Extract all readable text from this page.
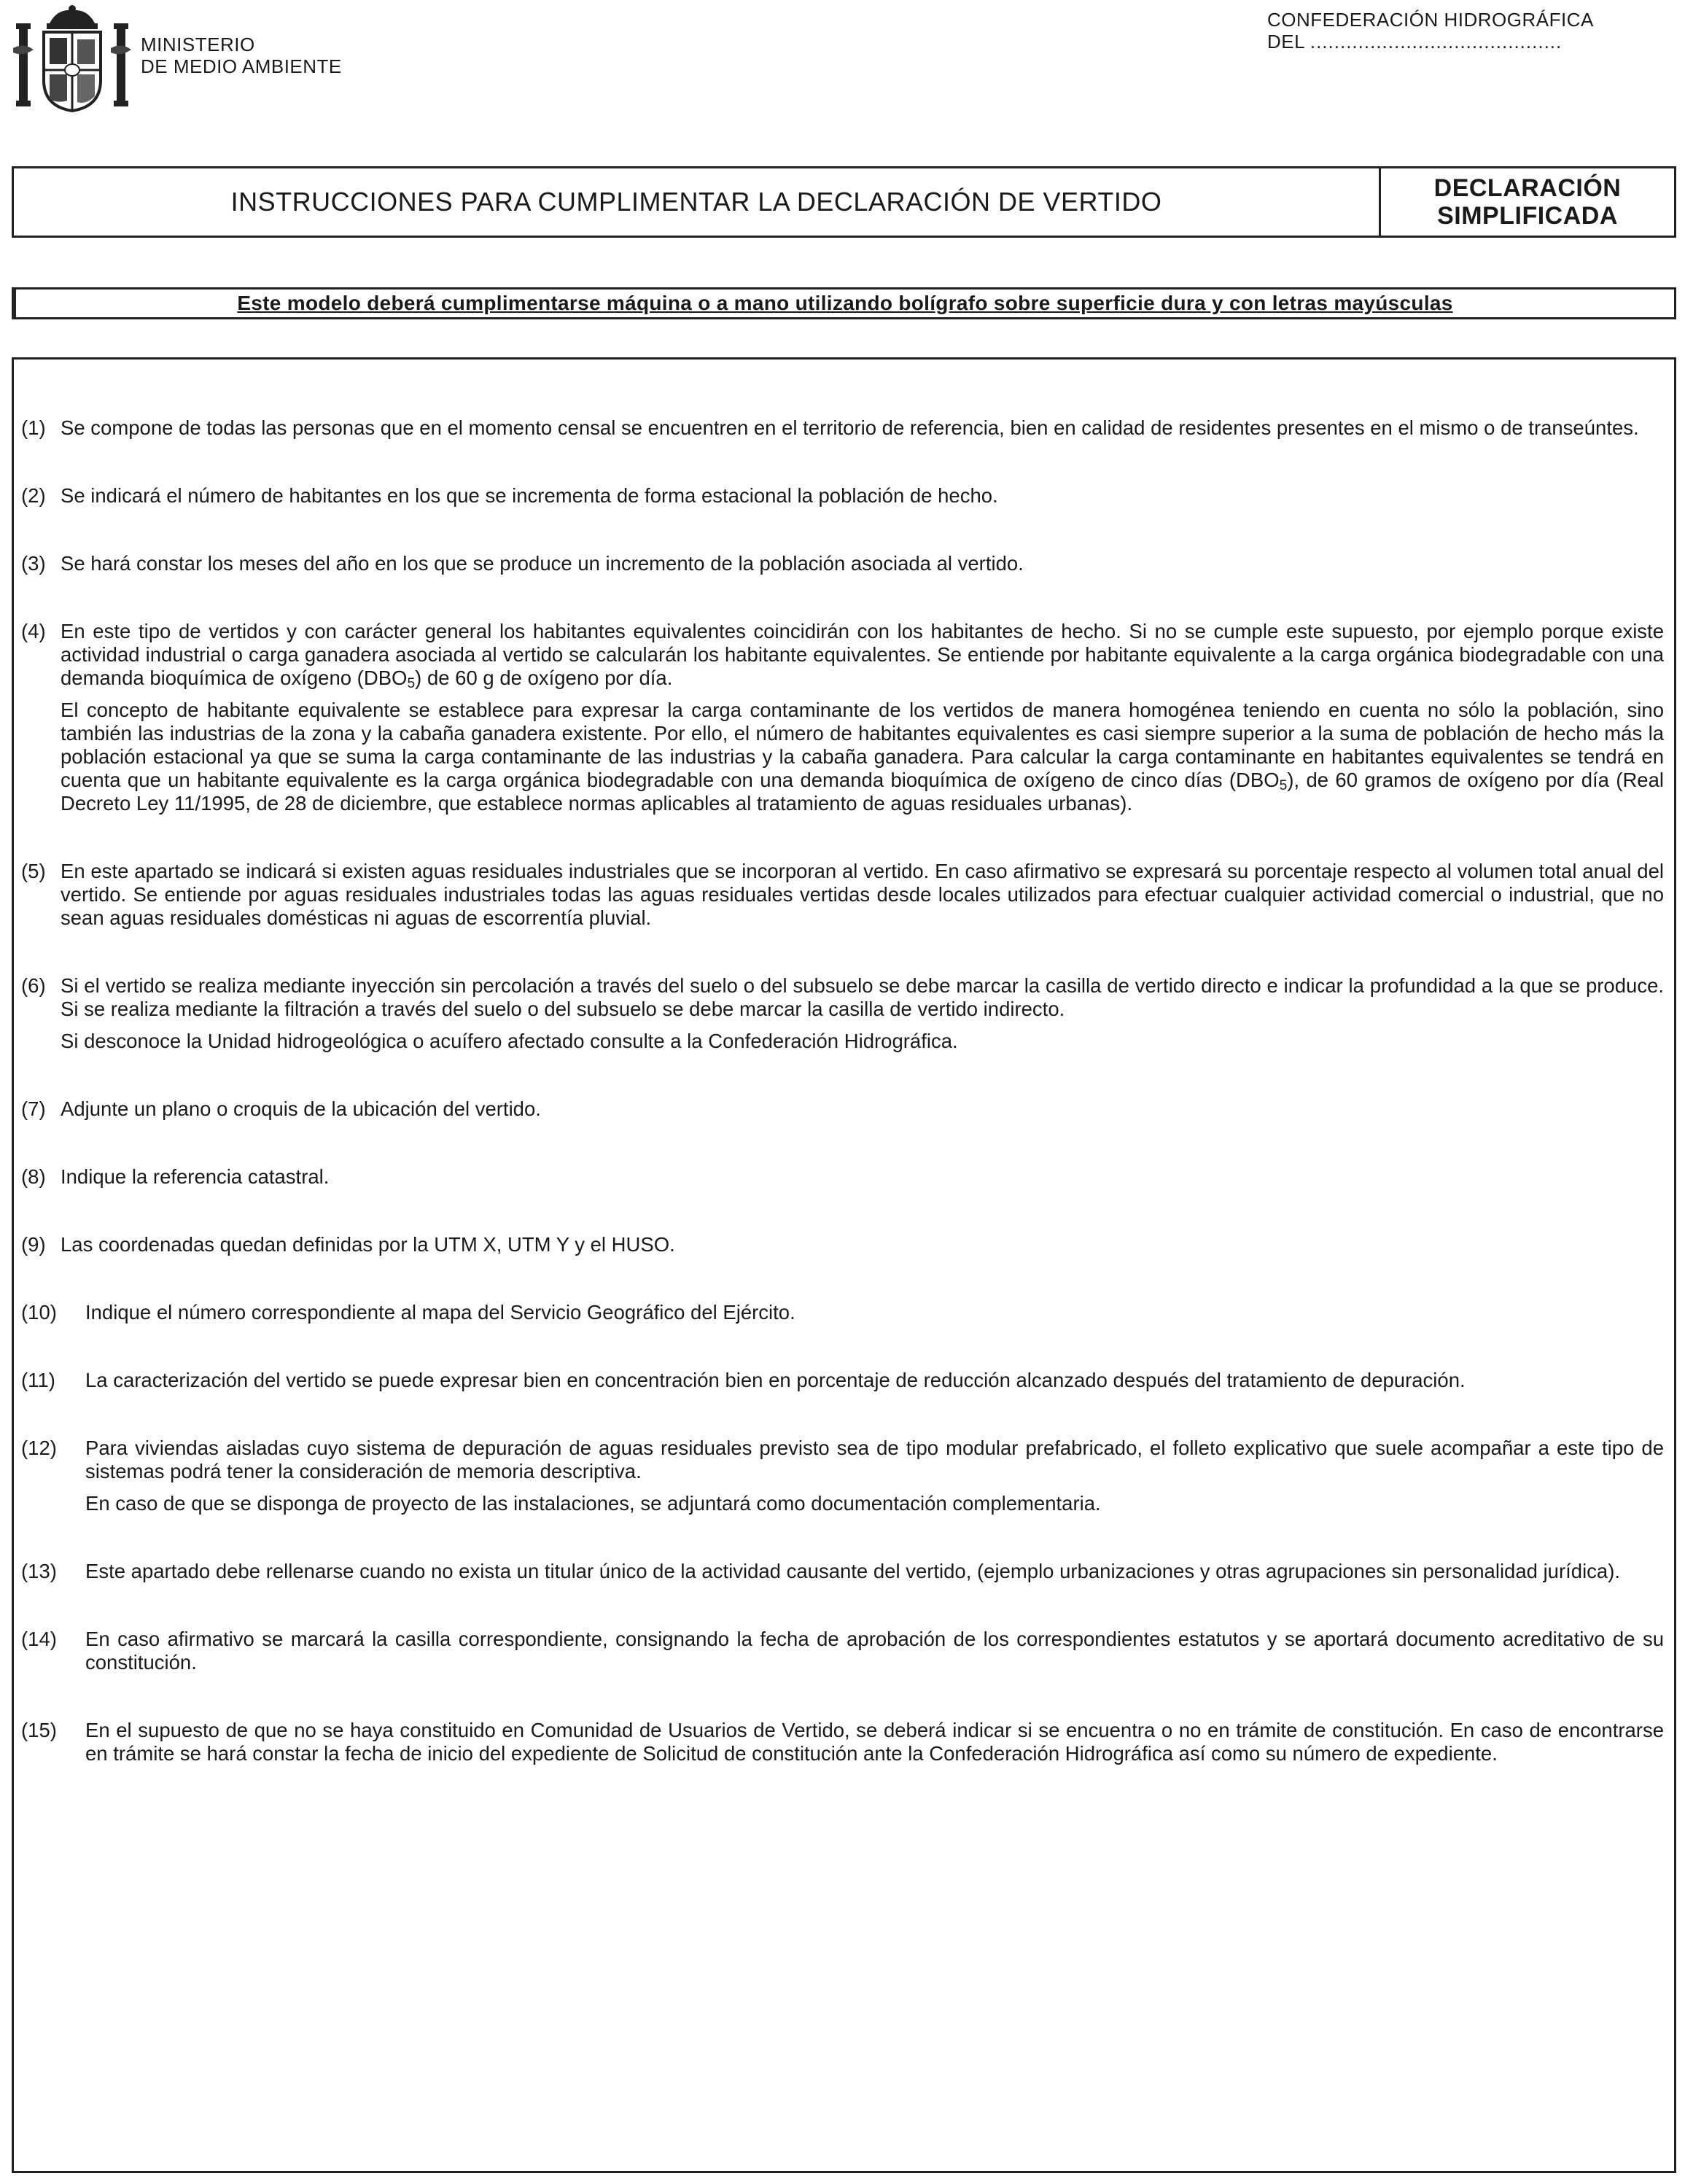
MINISTERIO
DE MEDIO AMBIENTE
CONFEDERACIÓN HIDROGRÁFICA
DEL ..........................................
INSTRUCCIONES PARA CUMPLIMENTAR LA DECLARACIÓN DE VERTIDO	DECLARACIÓN
SIMPLIFICADA
Este modelo deberá cumplimentarse máquina o a mano utilizando bolígrafo sobre superficie dura y con letras mayúsculas
(1) Se compone de todas las personas que en el momento censal se encuentren en el territorio de referencia, bien en calidad de residentes presentes en el mismo o de transeúntes.

(2) Se indicará el número de habitantes en los que se incrementa de forma estacional la población de hecho.

(3) Se hará constar los meses del año en los que se produce un incremento de la población asociada al vertido.

(4) En este tipo de vertidos y con carácter general los habitantes equivalentes coincidirán con los habitantes de hecho. Si no se cumple este supuesto, por ejemplo porque existe actividad industrial o carga ganadera asociada al vertido se calcularán los habitante equivalentes. Se entiende por habitante equivalente a la carga orgánica biodegradable con una demanda bioquímica de oxígeno $(DBO_5)$ de 60 g de oxígeno por día.

El concepto de habitante equivalente se establece para expresar la carga contaminante de los vertidos de manera homogénea teniendo en cuenta no sólo la población, sino también las industrias de la zona y la cabaña ganadera existente. Por ello, el número de habitantes equivalentes es casi siempre superior a la suma de población de hecho más la población estacional ya que se suma la carga contaminante de las industrias y la cabaña ganadera. Para calcular la carga contaminante en habitantes equivalentes se tendrá en cuenta que un habitante equivalente es la carga orgánica biodegradable con una demanda bioquímica de oxígeno de cinco días $(DBO_5)$, de 60 gramos de oxígeno por día (Real Decreto Ley 11/1995, de 28 de diciembre, que establece normas aplicables al tratamiento de aguas residuales urbanas).

(5) En este apartado se indicará si existen aguas residuales industriales que se incorporan al vertido. En caso afirmativo se expresará su porcentaje respecto al volumen total anual del vertido. Se entiende por aguas residuales industriales todas las aguas residuales vertidas desde locales utilizados para efectuar cualquier actividad comercial o industrial, que no sean aguas residuales domésticas ni aguas de escorrentía pluvial.

(6) Si el vertido se realiza mediante inyección sin percolación a través del suelo o del subsuelo se debe marcar la casilla de vertido directo e indicar la profundidad a la que se produce. Si se realiza mediante la filtración a través del suelo o del subsuelo se debe marcar la casilla de vertido indirecto.

Si desconoce la Unidad hidrogeológica o acuífero afectado consulte a la Confederación Hidrográfica.

(7) Adjunte un plano o croquis de la ubicación del vertido.

(8) Indique la referencia catastral.

(9) Las coordenadas quedan definidas por la UTM X, UTM Y y el HUSO.

(10)	Indique el número correspondiente al mapa del Servicio Geográfico del Ejército.

(11)	La caracterización del vertido se puede expresar bien en concentración bien en porcentaje de reducción alcanzado después del tratamiento de depuración.

(12)	Para viviendas aisladas cuyo sistema de depuración de aguas residuales previsto sea de tipo modular prefabricado, el folleto explicativo que suele acompañar a este tipo de sistemas podrá tener la consideración de memoria descriptiva.

En caso de que se disponga de proyecto de las instalaciones, se adjuntará como documentación complementaria.

(13)	Este apartado debe rellenarse cuando no exista un titular único de la actividad causante del vertido, (ejemplo urbanizaciones y otras agrupaciones sin personalidad jurídica).

(14)	En caso afirmativo se marcará la casilla correspondiente, consignando la fecha de aprobación de los correspondientes estatutos y se aportará documento acreditativo de su constitución.

(15)	En el supuesto de que no se haya constituido en Comunidad de Usuarios de Vertido, se deberá indicar si se encuentra o no en trámite de constitución. En caso de encontrarse en trámite se hará constar la fecha de inicio del expediente de Solicitud de constitución ante la Confederación Hidrográfica así como su número de expediente.
